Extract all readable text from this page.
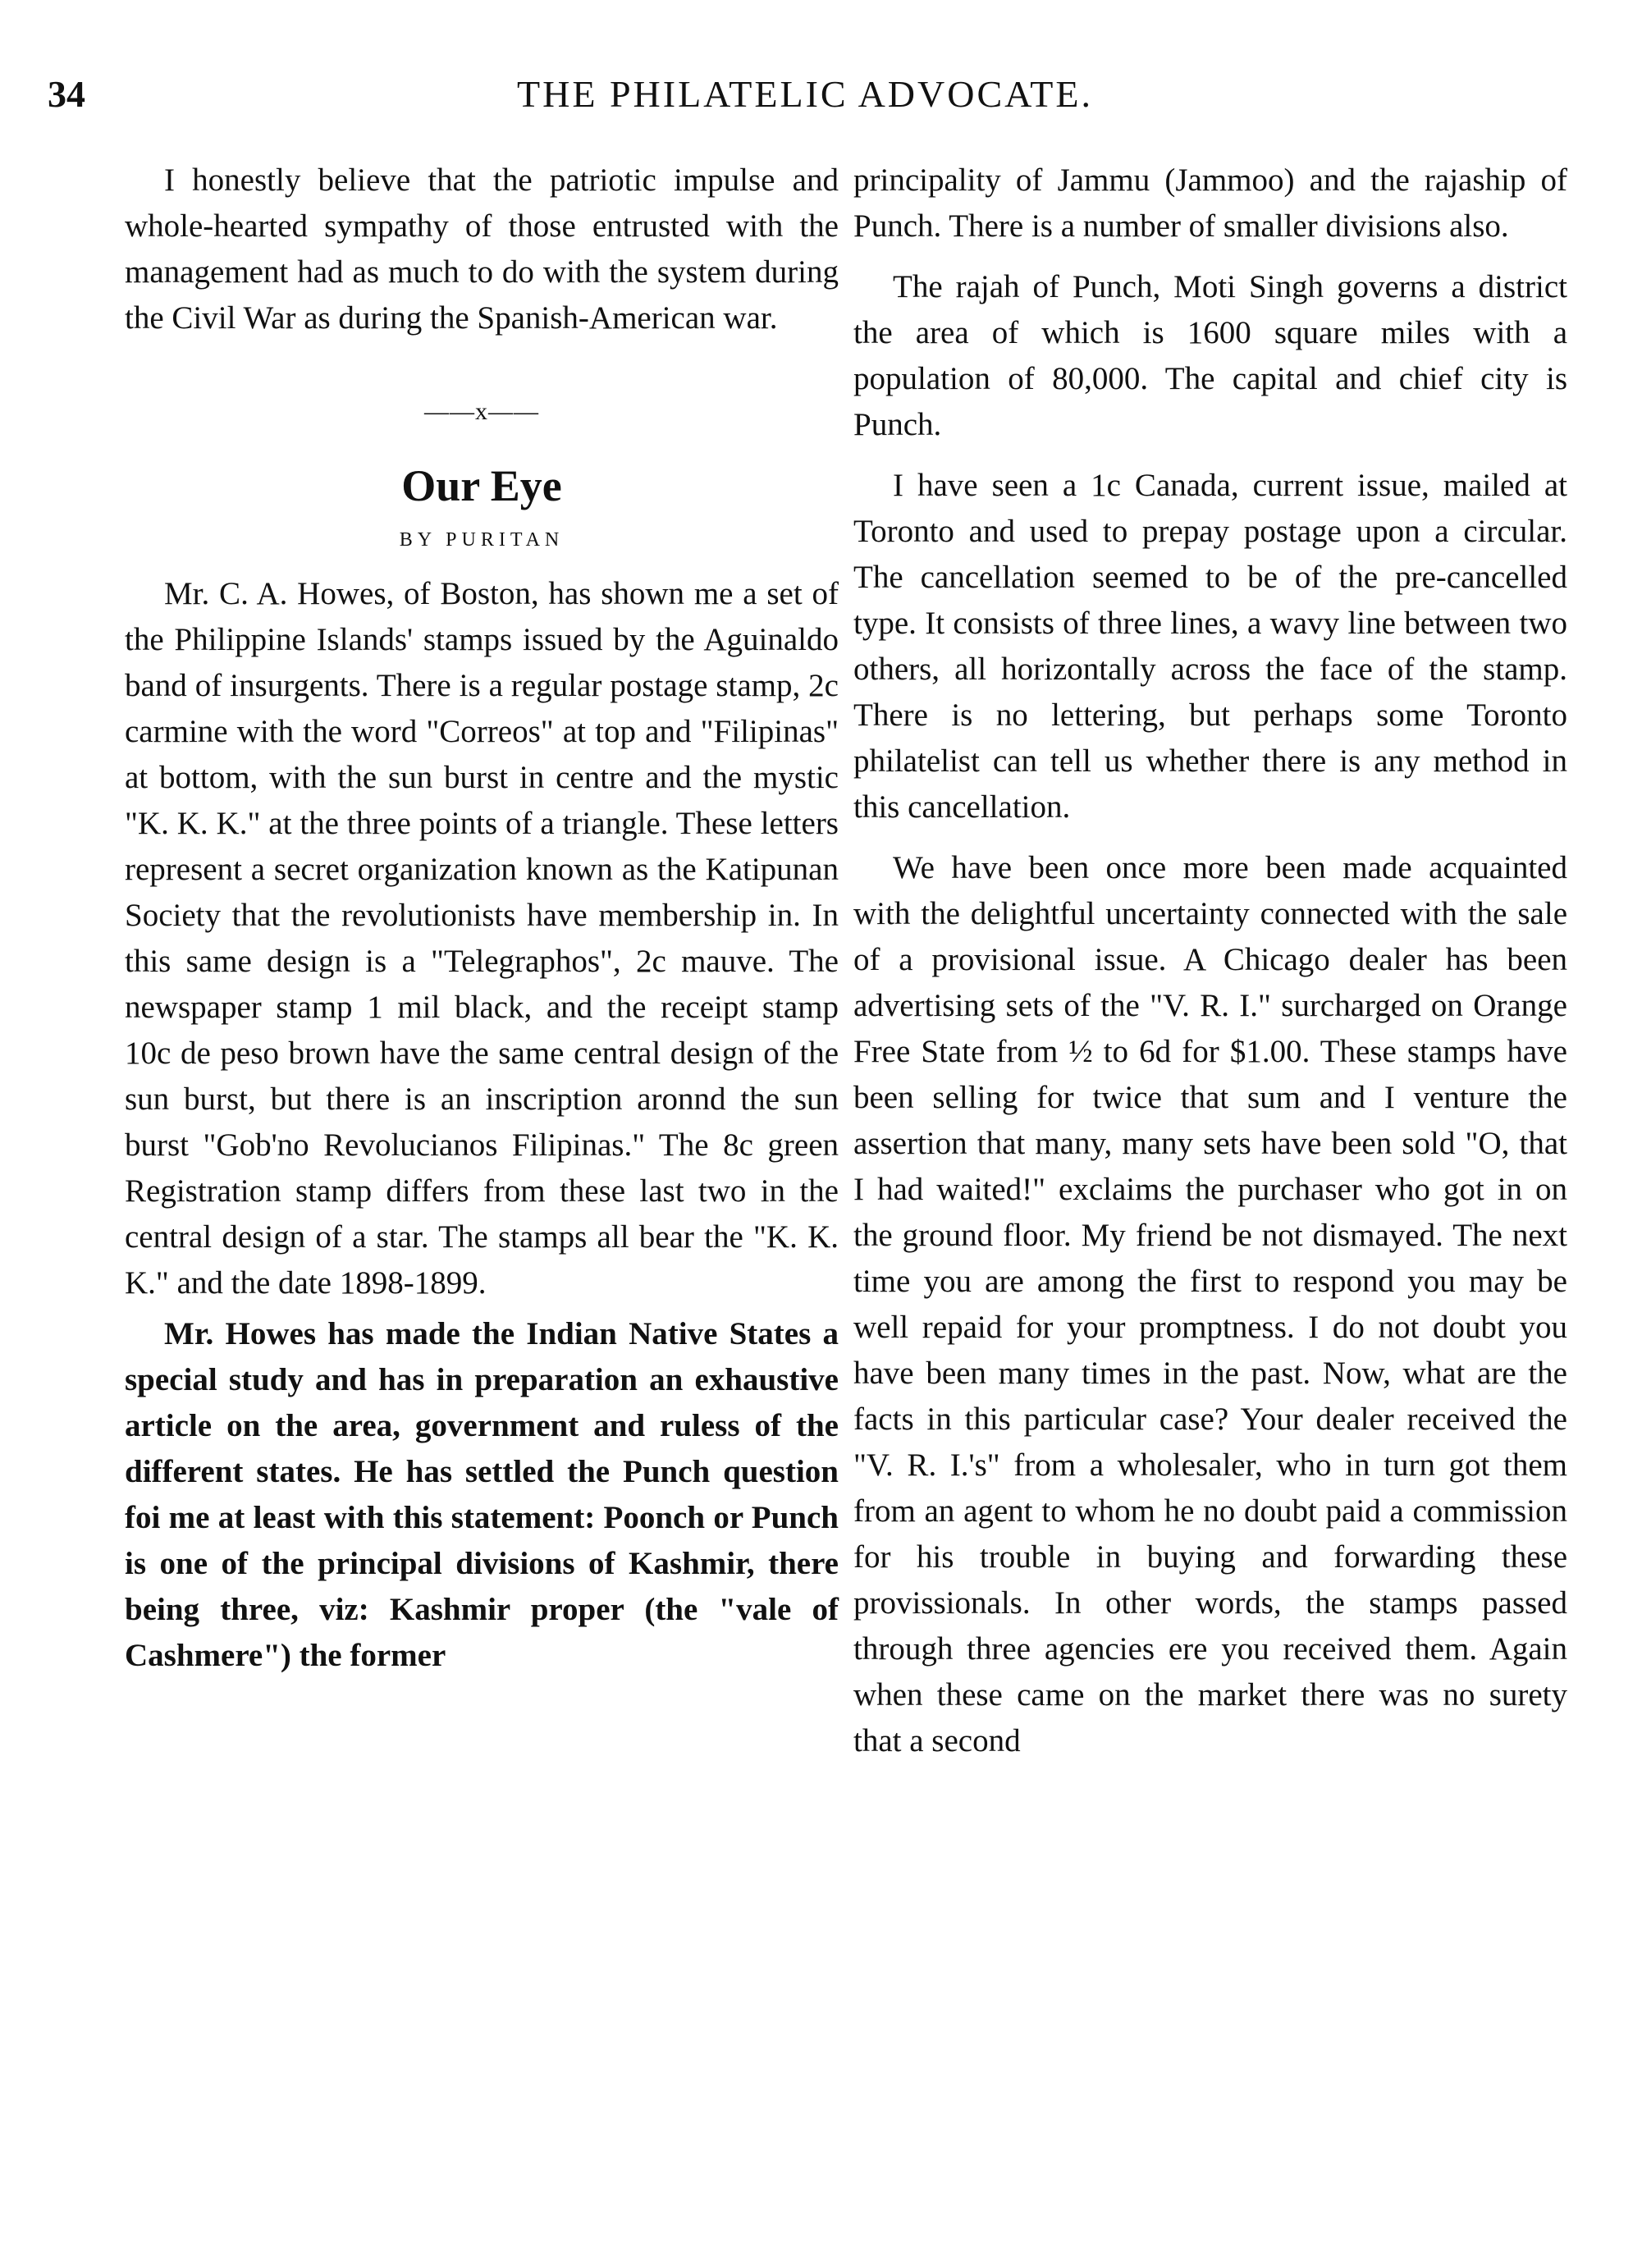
34	THE PHILATELIC ADVOCATE.

I honestly believe that the patriotic impulse and whole-hearted sympathy of those entrusted with the management had as much to do with the system during the Civil War as during the Spanish-American war.

——x——
Our Eye
BY PURITAN

Mr. C. A. Howes, of Boston, has shown me a set of the Philippine Islands' stamps issued by the Aguinaldo band of insurgents. There is a regular postage stamp, 2c carmine with the word "Correos" at top and "Filipinas" at bottom, with the sun burst in centre and the mystic "K. K. K." at the three points of a triangle. These letters represent a secret organization known as the Katipunan Society that the revolutionists have membership in. In this same design is a "Telegraphos", 2c mauve. The newspaper stamp 1 mil black, and the receipt stamp 10c de peso brown have the same central design of the sun burst, but there is an inscription aronnd the sun burst "Gob'no Revolucianos Filipinas." The 8c green Registration stamp differs from these last two in the central design of a star. The stamps all bear the "K. K. K." and the date 1898-1899.

Mr. Howes has made the Indian Native States a special study and has in preparation an exhaustive article on the area, government and ruless of the different states. He has settled the Punch question foi me at least with this statement: Poonch or Punch is one of the principal divisions of Kashmir, there being three, viz: Kashmir proper (the "vale of Cashmere") the former

principality of Jammu (Jammoo) and the rajaship of Punch. There is a number of smaller divisions also.

The rajah of Punch, Moti Singh governs a district the area of which is 1600 square miles with a population of 80,000. The capital and chief city is Punch.

I have seen a 1c Canada, current issue, mailed at Toronto and used to prepay postage upon a circular. The cancellation seemed to be of the pre-cancelled type. It consists of three lines, a wavy line between two others, all horizontally across the face of the stamp. There is no lettering, but perhaps some Toronto philatelist can tell us whether there is any method in this cancellation.

We have been once more been made acquainted with the delightful uncertainty connected with the sale of a provisional issue. A Chicago dealer has been advertising sets of the "V. R. I." surcharged on Orange Free State from ½ to 6d for $1.00. These stamps have been selling for twice that sum and I venture the assertion that many, many sets have been sold "O, that I had waited!" exclaims the purchaser who got in on the ground floor. My friend be not dismayed. The next time you are among the first to respond you may be well repaid for your promptness. I do not doubt you have been many times in the past. Now, what are the facts in this particular case? Your dealer received the "V. R. I.'s" from a wholesaler, who in turn got them from an agent to whom he no doubt paid a commission for his trouble in buying and forwarding these provissionals. In other words, the stamps passed through three agencies ere you received them. Again when these came on the market there was no surety that a second
